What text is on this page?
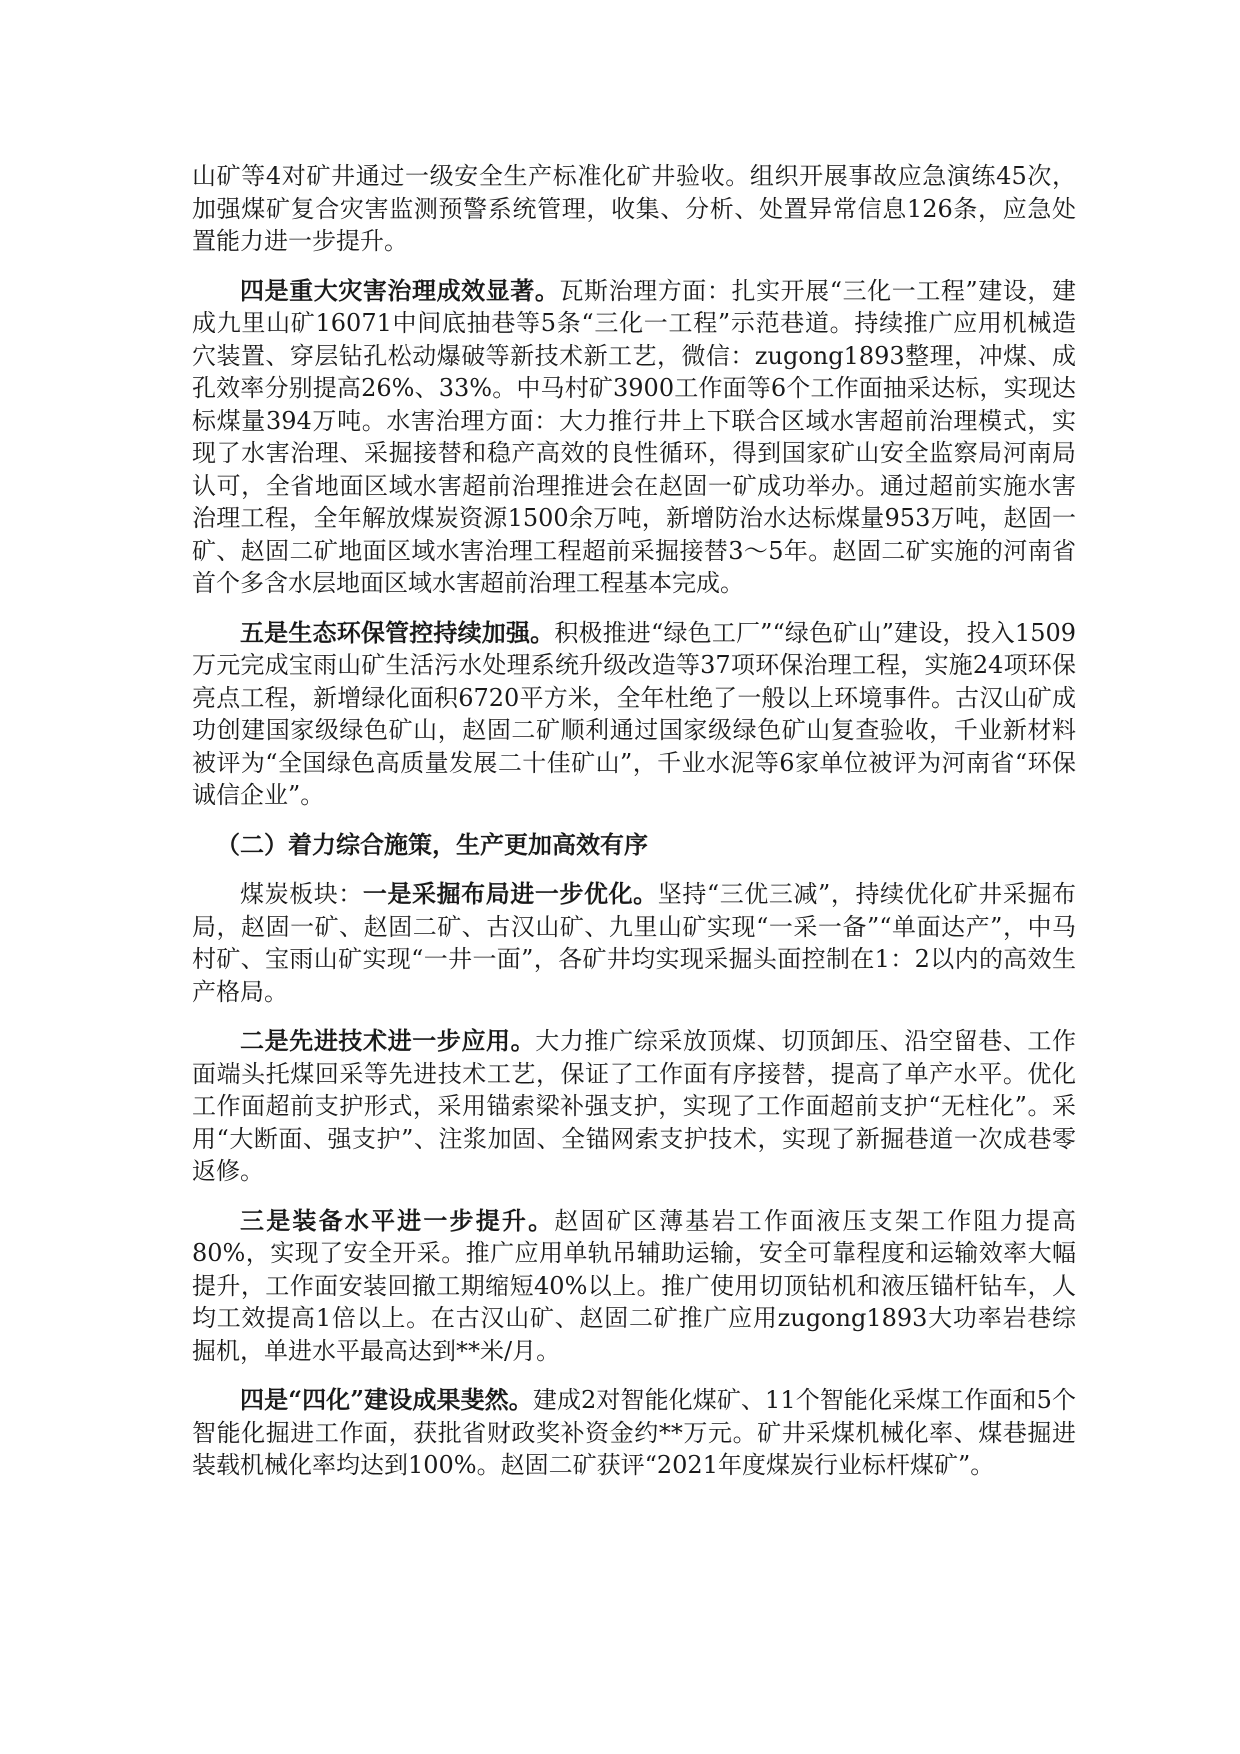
山矿等4对矿井通过一级安全生产标准化矿井验收。组织开展事故应急演练45次，加强煤矿复合灾害监测预警系统管理，收集、分析、处置异常信息126条，应急处置能力进一步提升。

四是重大灾害治理成效显著。瓦斯治理方面：扎实开展“三化一工程”建设，建成九里山矿16071中间底抽巷等5条“三化一工程”示范巷道。持续推广应用机械造穴装置、穿层钻孔松动爆破等新技术新工艺，微信：zugong1893整理，冲煤、成孔效率分别提高26%、33%。中马村矿3900工作面等6个工作面抽采达标，实现达标煤量394万吨。水害治理方面：大力推行井上下联合区域水害超前治理模式，实现了水害治理、采掘接替和稳产高效的良性循环，得到国家矿山安全监察局河南局认可，全省地面区域水害超前治理推进会在赵固一矿成功举办。通过超前实施水害治理工程，全年解放煤炭资源1500余万吨，新增防治水达标煤量953万吨，赵固一矿、赵固二矿地面区域水害治理工程超前采掘接替3～5年。赵固二矿实施的河南省首个多含水层地面区域水害超前治理工程基本完成。

五是生态环保管控持续加强。积极推进“绿色工厂”“绿色矿山”建设，投入1509万元完成宝雨山矿生活污水处理系统升级改造等37项环保治理工程，实施24项环保亮点工程，新增绿化面积6720平方米，全年杜绝了一般以上环境事件。古汉山矿成功创建国家级绿色矿山，赵固二矿顺利通过国家级绿色矿山复查验收，千业新材料被评为“全国绿色高质量发展二十佳矿山”，千业水泥等6家单位被评为河南省“环保诚信企业”。

（二）着力综合施策，生产更加高效有序

煤炭板块：一是采掘布局进一步优化。坚持“三优三减”，持续优化矿井采掘布局，赵固一矿、赵固二矿、古汉山矿、九里山矿实现“一采一备”“单面达产”，中马村矿、宝雨山矿实现“一井一面”，各矿井均实现采掘头面控制在1：2以内的高效生产格局。

二是先进技术进一步应用。大力推广综采放顶煤、切顶卸压、沿空留巷、工作面端头托煤回采等先进技术工艺，保证了工作面有序接替，提高了单产水平。优化工作面超前支护形式，采用锚索梁补强支护，实现了工作面超前支护“无柱化”。采用“大断面、强支护”、注浆加固、全锚网索支护技术，实现了新掘巷道一次成巷零返修。

三是装备水平进一步提升。赵固矿区薄基岩工作面液压支架工作阻力提高80%，实现了安全开采。推广应用单轨吊辅助运输，安全可靠程度和运输效率大幅提升，工作面安装回撤工期缩短40%以上。推广使用切顶钻机和液压锚杆钻车，人均工效提高1倍以上。在古汉山矿、赵固二矿推广应用zugong1893大功率岩巷综掘机，单进水平最高达到**米/月。

四是“四化”建设成果斐然。建成2对智能化煤矿、11个智能化采煤工作面和5个智能化掘进工作面，获批省财政奖补资金约**万元。矿井采煤机械化率、煤巷掘进装载机械化率均达到100%。赵固二矿获评“2021年度煤炭行业标杆煤矿”。
